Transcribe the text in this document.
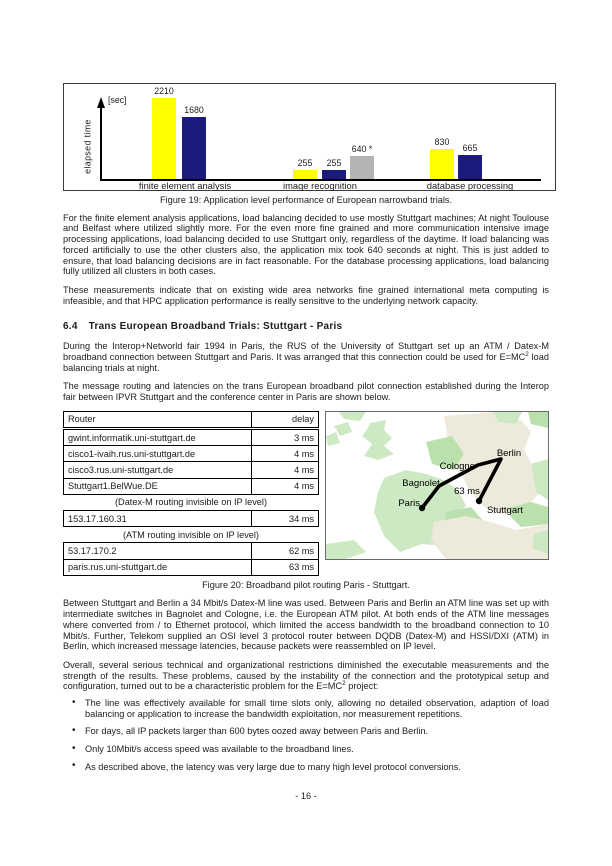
[sec]
elapsed time
2210
1680
finite element analysis
255	255
640 *
image recognition
830
665
database processing
Figure 19: Application level performance of European narrowband trials.

For the finite element analysis applications, load balancing decided to use mostly Stuttgart machines; At night Toulouse and Belfast where utilized slightly more. For the even more fine grained and more communication intensive image processing applications, load balancing decided to use Stuttgart only, regardless of the daytime. If load balancing was forced artificially to use the other clusters also, the application mix took 640 seconds at night. This is just added to ensure, that load balancing decisions are in fact reasonable. For the database processing applications, load balancing fully utilized all clusters in both cases.

These measurements indicate that on existing wide area networks fine grained international meta computing is infeasible, and that HPC application performance is really sensitive to the underlying network capacity.

6.4 Trans European Broadband Trials: Stuttgart - Paris

During the Interop+Networld fair 1994 in Paris, the RUS of the University of Stuttgart set up an ATM / Datex-M broadband connection between Stuttgart and Paris. It was arranged that this connection could be used for $E=MC^2$ load balancing trials at night.

The message routing and latencies on the trans European broadband pilot connection established during the Interop fair between IPVR Stuttgart and the conference center in Paris are shown below.

Router	delay
gwint.informatik.uni-stuttgart.de	3 ms
cisco1-ivaih.rus.uni-stuttgart.de	4 ms
cisco3.rus.uni-stuttgart.de	4 ms
Stuttgart1.BelWue.DE	4 ms
(Datex-M routing invisible on IP level)	
153.17.160.31	34 ms
(ATM routing invisible on IP level)	
53.17.170.2	62 ms
paris.rus.uni-stuttgart.de	63 ms
Berlin
Cologne
Bagnolet
63 ms
Paris
Stuttgart
Figure 20: Broadband pilot routing Paris - Stuttgart.

Between Stuttgart and Berlin a 34 Mbit/s Datex-M line was used. Between Paris and Berlin an ATM line was set up with intermediate switches in Bagnolet and Cologne, i.e. the European ATM pilot. At both ends of the ATM line messages where converted from / to Ethernet protocol, which limited the access bandwidth to the broadband connection to 10 Mbit/s. Further, Telekom supplied an OSI level 3 protocol router between DQDB (Datex-M) and HSSI/DXI (ATM) in Berlin, which increased message latencies, because packets were reassembled on IP level.

Overall, several serious technical and organizational restrictions diminished the executable measurements and the strength of the results. These problems, caused by the instability of the connection and the prototypical setup and configuration, turned out to be a characteristic problem for the $E=MC^2$ project:

• The line was effectively available for small time slots only, allowing no detailed observation, adaption of load balancing or application to increase the bandwidth exploitation, nor measurement repetitions.
• For days, all IP packets larger than 600 bytes oozed away between Paris and Berlin.
• Only 10Mbit/s access speed was available to the broadband lines.
• As described above, the latency was very large due to many high level protocol conversions.
- 16 -
